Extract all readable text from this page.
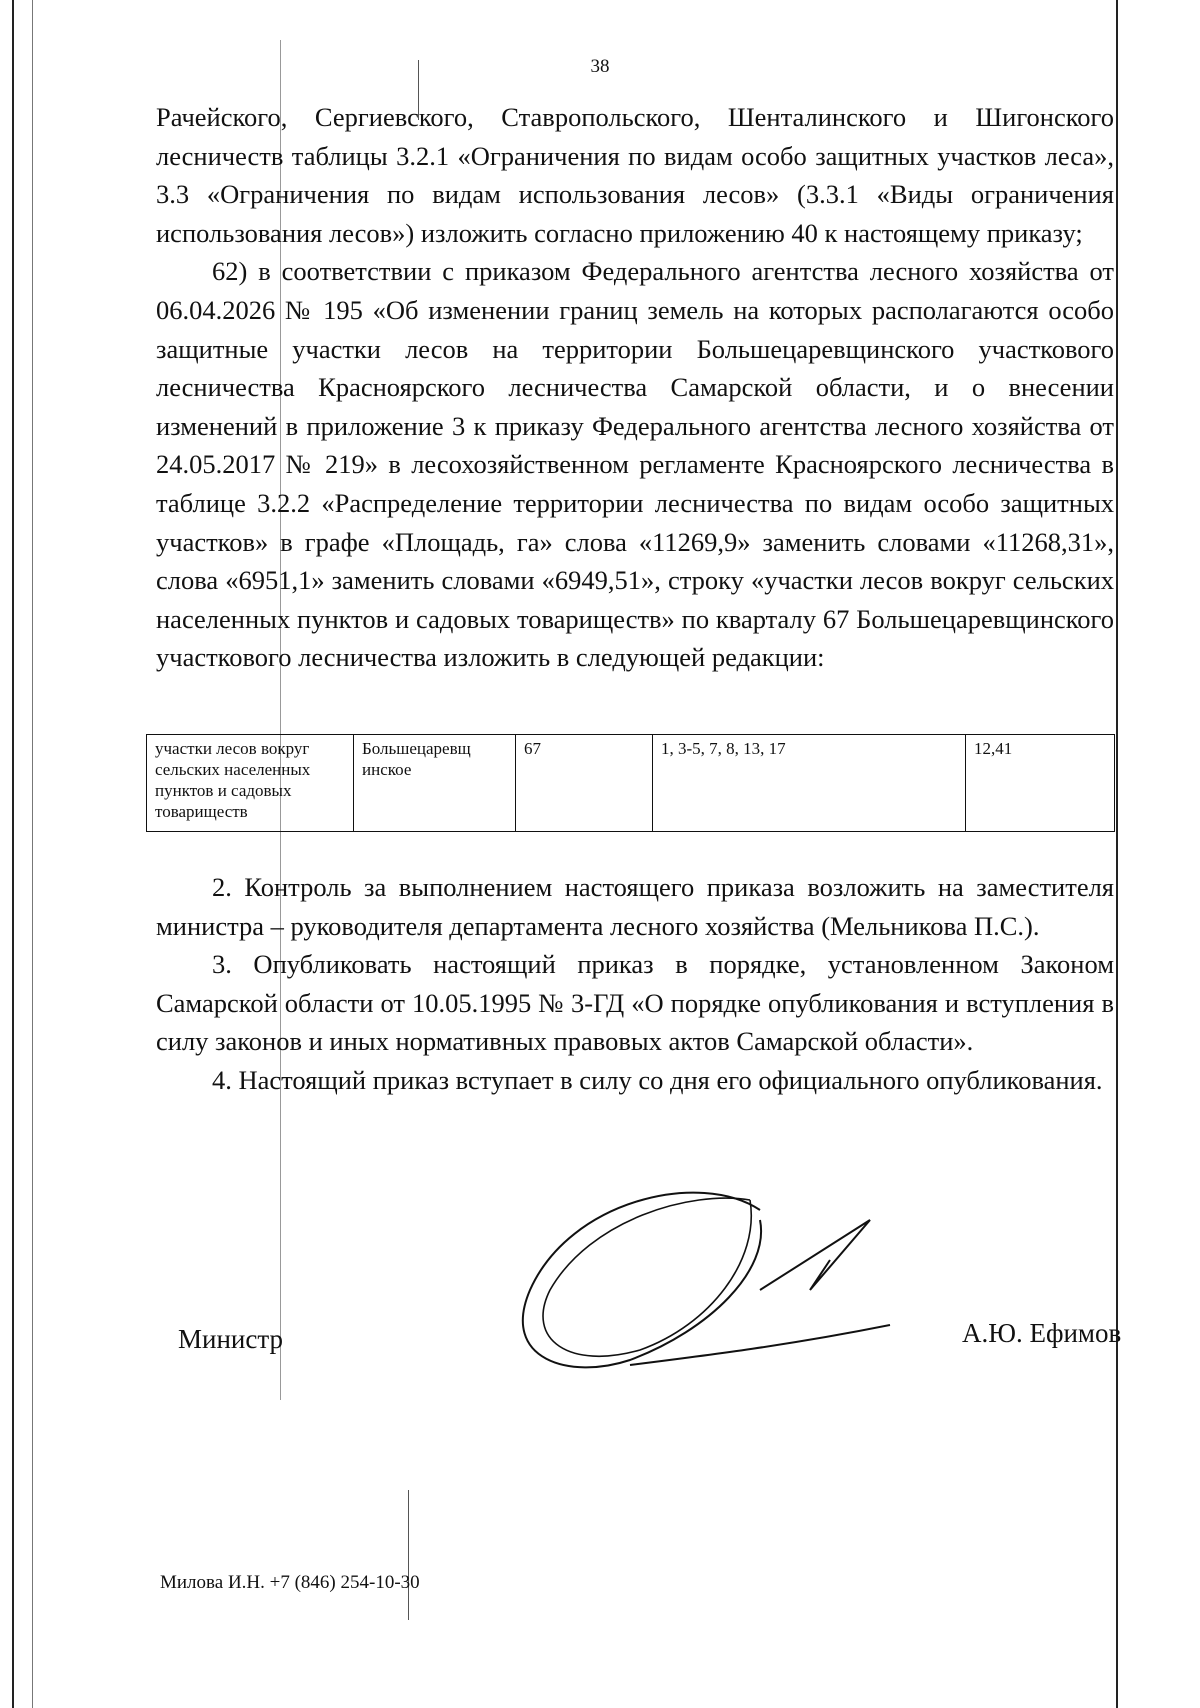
38

Рачейского, Сергиевского, Ставропольского, Шенталинского и Шигонского лесничеств таблицы 3.2.1 «Ограничения по видам особо защитных участков леса», 3.3 «Ограничения по видам использования лесов» (3.3.1 «Виды ограничения использования лесов») изложить согласно приложению 40 к настоящему приказу;

62) в соответствии с приказом Федерального агентства лесного хозяйства от 06.04.2026 № 195 «Об изменении границ земель на которых располагаются особо защитные участки лесов на территории Большецаревщинского участкового лесничества Красноярского лесничества Самарской области, и о внесении изменений в приложение 3 к приказу Федерального агентства лесного хозяйства от 24.05.2017 № 219» в лесохозяйственном регламенте Красноярского лесничества в таблице 3.2.2 «Распределение территории лесничества по видам особо защитных участков» в графе «Площадь, га» слова «11269,9» заменить словами «11268,31», слова «6951,1» заменить словами «6949,51», строку «участки лесов вокруг сельских населенных пунктов и садовых товариществ» по кварталу 67 Большецаревщинского участкового лесничества изложить в следующей редакции:

участки лесов вокруг сельских населенных пунктов и садовых товариществ	Большецаревщ инское	67	1, 3-5, 7, 8, 13, 17	12,41

2. Контроль за выполнением настоящего приказа возложить на заместителя министра – руководителя департамента лесного хозяйства (Мельникова П.С.).

3. Опубликовать настоящий приказ в порядке, установленном Законом Самарской области от 10.05.1995 № 3-ГД «О порядке опубликования и вступления в силу законов и иных нормативных правовых актов Самарской области».

4. Настоящий приказ вступает в силу со дня его официального опубликования.

Министр	А.Ю. Ефимов
Милова И.Н. +7 (846) 254-10-30
